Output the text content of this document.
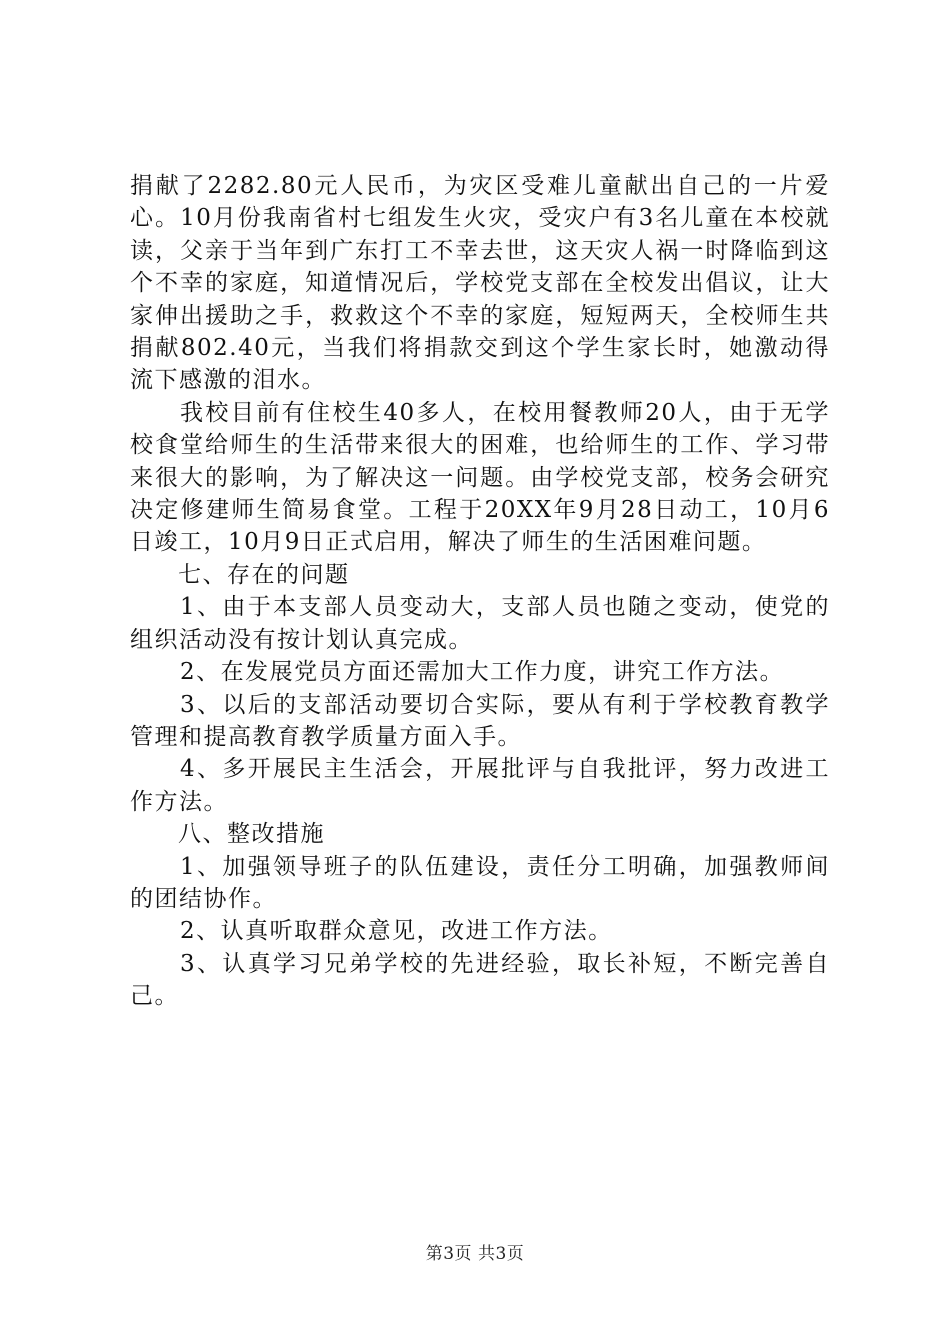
捐献了2282.80元人民币，为灾区受难儿童献出自己的一片爱心。10月份我南省村七组发生火灾，受灾户有3名儿童在本校就读，父亲于当年到广东打工不幸去世，这天灾人祸一时降临到这个不幸的家庭，知道情况后，学校党支部在全校发出倡议，让大家伸出援助之手，救救这个不幸的家庭，短短两天，全校师生共捐献802.40元，当我们将捐款交到这个学生家长时，她激动得流下感激的泪水。

我校目前有住校生40多人，在校用餐教师20人，由于无学校食堂给师生的生活带来很大的困难，也给师生的工作、学习带来很大的影响，为了解决这一问题。由学校党支部，校务会研究决定修建师生简易食堂。工程于20XX年9月28日动工，10月6日竣工，10月9日正式启用，解决了师生的生活困难问题。

七、存在的问题

1、由于本支部人员变动大，支部人员也随之变动，使党的组织活动没有按计划认真完成。

2、在发展党员方面还需加大工作力度，讲究工作方法。

3、以后的支部活动要切合实际，要从有利于学校教育教学管理和提高教育教学质量方面入手。

4、多开展民主生活会，开展批评与自我批评，努力改进工作方法。

八、整改措施

1、加强领导班子的队伍建设，责任分工明确，加强教师间的团结协作。

2、认真听取群众意见，改进工作方法。

3、认真学习兄弟学校的先进经验，取长补短，不断完善自己。

第3页 共3页
